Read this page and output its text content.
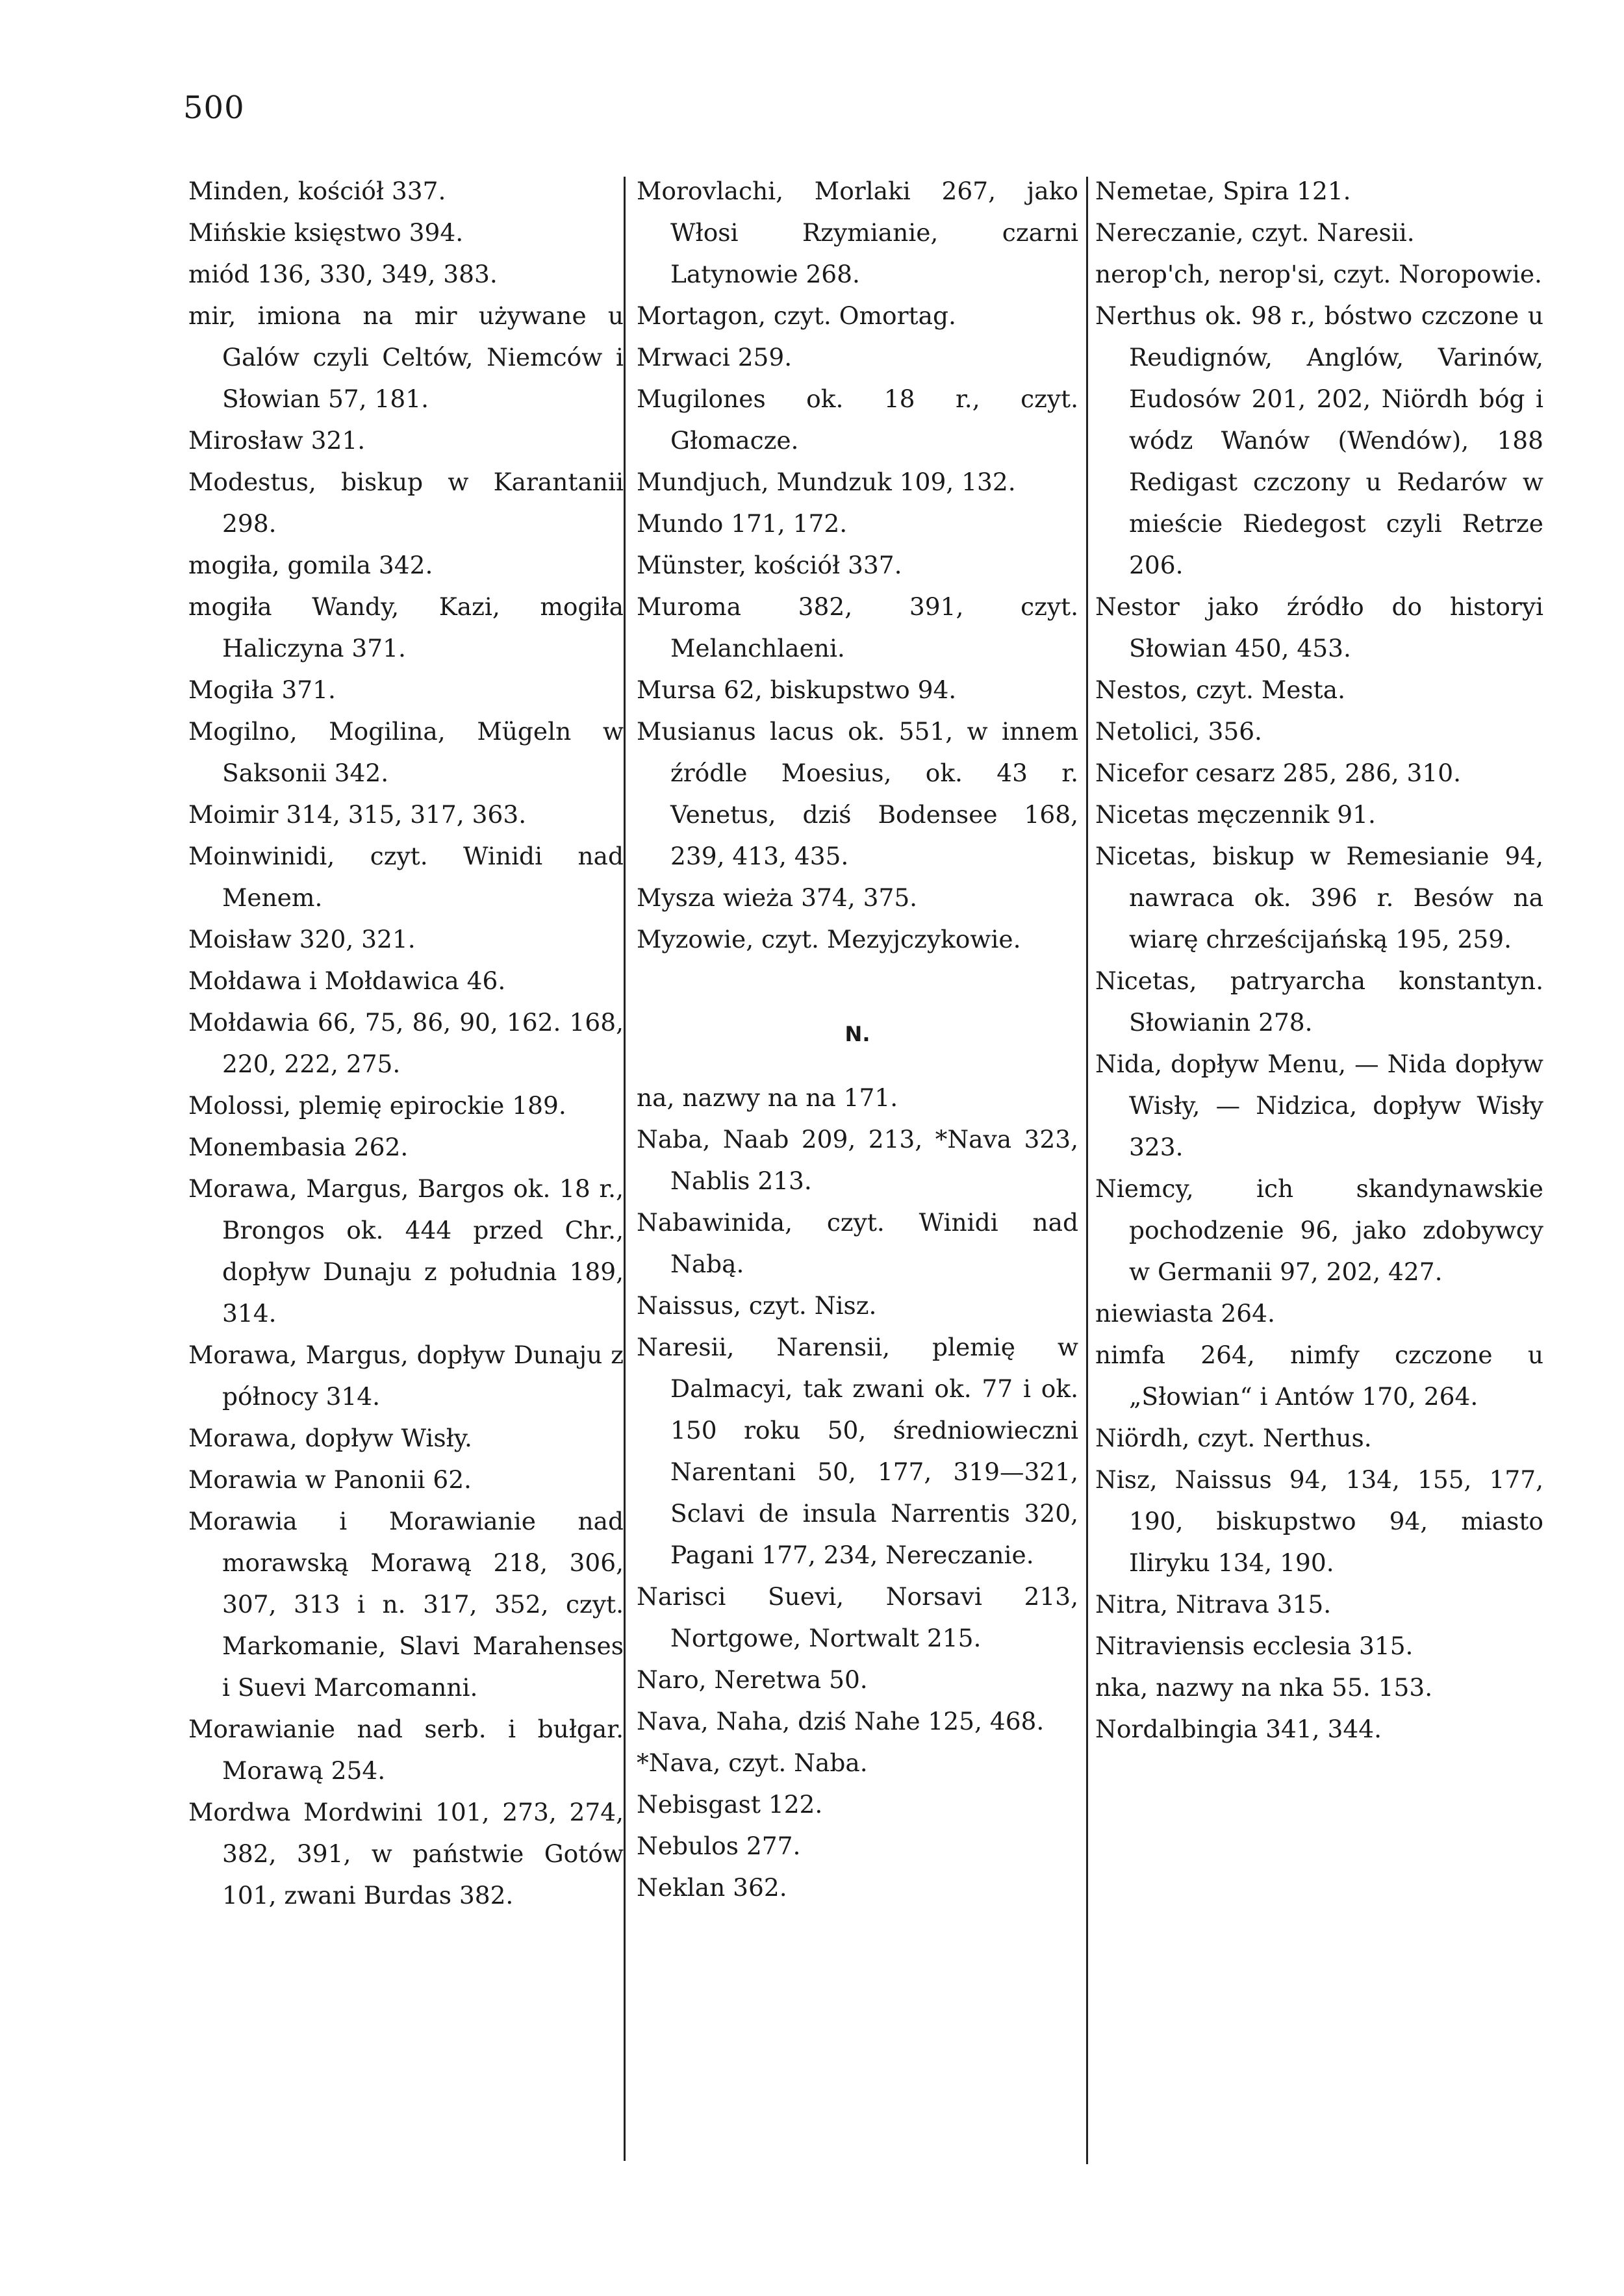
500
Minden, kościół 337.
Mińskie księstwo 394.
miód 136, 330, 349, 383.
mir, imiona na mir używane u Galów czyli Celtów, Niemców i Słowian 57, 181.
Mirosław 321.
Modestus, biskup w Karantanii 298.
mogiła, gomila 342.
mogiła Wandy, Kazi, mogiła Haliczyna 371.
Mogiła 371.
Mogilno, Mogilina, Mügeln w Saksonii 342.
Moimir 314, 315, 317, 363.
Moinwinidi, czyt. Winidi nad Menem.
Moisław 320, 321.
Mołdawa i Mołdawica 46.
Mołdawia 66, 75, 86, 90, 162. 168, 220, 222, 275.
Molossi, plemię epirockie 189.
Monembasia 262.
Morawa, Margus, Bargos ok. 18 r., Brongos ok. 444 przed Chr., dopływ Dunaju z południa 189, 314.
Morawa, Margus, dopływ Dunaju z północy 314.
Morawa, dopływ Wisły.
Morawia w Panonii 62.
Morawia i Morawianie nad morawską Morawą 218, 306, 307, 313 i n. 317, 352, czyt. Markomanie, Slavi Marahenses i Suevi Marcomanni.
Morawianie nad serb. i bułgar. Morawą 254.
Mordwa Mordwini 101, 273, 274, 382, 391, w państwie Gotów 101, zwani Burdas 382.
Morovlachi, Morlaki 267, jako Włosi Rzymianie, czarni Latynowie 268.
Mortagon, czyt. Omortag.
Mrwaci 259.
Mugilones ok. 18 r., czyt. Głomacze.
Mundjuch, Mundzuk 109, 132.
Mundo 171, 172.
Münster, kościół 337.
Muroma 382, 391, czyt. Melanchlaeni.
Mursa 62, biskupstwo 94.
Musianus lacus ok. 551, w innem źródle Moesius, ok. 43 r. Venetus, dziś Bodensee 168, 239, 413, 435.
Mysza wieża 374, 375.
Myzowie, czyt. Mezyjczykowie.
N.
na, nazwy na na 171.
Naba, Naab 209, 213, *Nava 323, Nablis 213.
Nabawinida, czyt. Winidi nad Nabą.
Naissus, czyt. Nisz.
Naresii, Narensii, plemię w Dalmacyi, tak zwani ok. 77 i ok. 150 roku 50, średniowieczni Narentani 50, 177, 319—321, Sclavi de insula Narrentis 320, Pagani 177, 234, Nereczanie.
Narisci Suevi, Norsavi 213, Nortgowe, Nortwalt 215.
Naro, Neretwa 50.
Nava, Naha, dziś Nahe 125, 468.
*Nava, czyt. Naba.
Nebisgast 122.
Nebulos 277.
Neklan 362.
Nemetae, Spira 121.
Nereczanie, czyt. Naresii.
nerop'ch, nerop'si, czyt. Noropowie.
Nerthus ok. 98 r., bóstwo czczone u Reudignów, Anglów, Varinów, Eudosów 201, 202, Niördh bóg i wódz Wanów (Wendów), 188 Redigast czczony u Redarów w mieście Riedegost czyli Retrze 206.
Nestor jako źródło do historyi Słowian 450, 453.
Nestos, czyt. Mesta.
Netolici, 356.
Nicefor cesarz 285, 286, 310.
Nicetas męczennik 91.
Nicetas, biskup w Remesianie 94, nawraca ok. 396 r. Besów na wiarę chrześcijańską 195, 259.
Nicetas, patryarcha konstantyn. Słowianin 278.
Nida, dopływ Menu, — Nida dopływ Wisły, — Nidzica, dopływ Wisły 323.
Niemcy, ich skandynawskie pochodzenie 96, jako zdobywcy w Germanii 97, 202, 427.
niewiasta 264.
nimfa 264, nimfy czczone u „Słowian“ i Antów 170, 264.
Niördh, czyt. Nerthus.
Nisz, Naissus 94, 134, 155, 177, 190, biskupstwo 94, miasto Iliryku 134, 190.
Nitra, Nitrava 315.
Nitraviensis ecclesia 315.
nka, nazwy na nka 55. 153.
Nordalbingia 341, 344.
